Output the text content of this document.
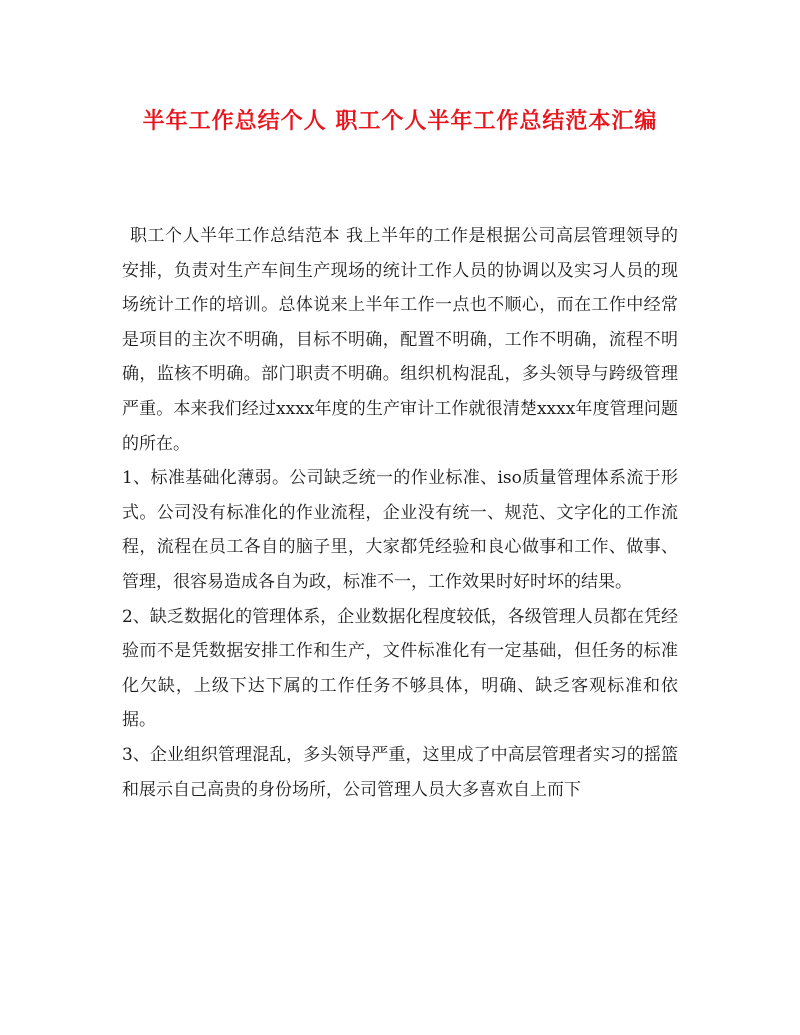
半年工作总结个人 职工个人半年工作总结范本汇编

职工个人半年工作总结范本 我上半年的工作是根据公司高层管理领导的安排，负责对生产车间生产现场的统计工作人员的协调以及实习人员的现场统计工作的培训。总体说来上半年工作一点也不顺心，而在工作中经常是项目的主次不明确，目标不明确，配置不明确，工作不明确，流程不明确，监核不明确。部门职责不明确。组织机构混乱，多头领导与跨级管理严重。本来我们经过xxxx年度的生产审计工作就很清楚xxxx年度管理问题的所在。

1、标准基础化薄弱。公司缺乏统一的作业标准、iso质量管理体系流于形式。公司没有标准化的作业流程，企业没有统一、规范、文字化的工作流程，流程在员工各自的脑子里，大家都凭经验和良心做事和工作、做事、管理，很容易造成各自为政，标准不一，工作效果时好时坏的结果。

2、缺乏数据化的管理体系，企业数据化程度较低，各级管理人员都在凭经验而不是凭数据安排工作和生产，文件标准化有一定基础，但任务的标准化欠缺，上级下达下属的工作任务不够具体，明确、缺乏客观标准和依据。

3、企业组织管理混乱，多头领导严重，这里成了中高层管理者实习的摇篮和展示自己高贵的身份场所，公司管理人员大多喜欢自上而下
